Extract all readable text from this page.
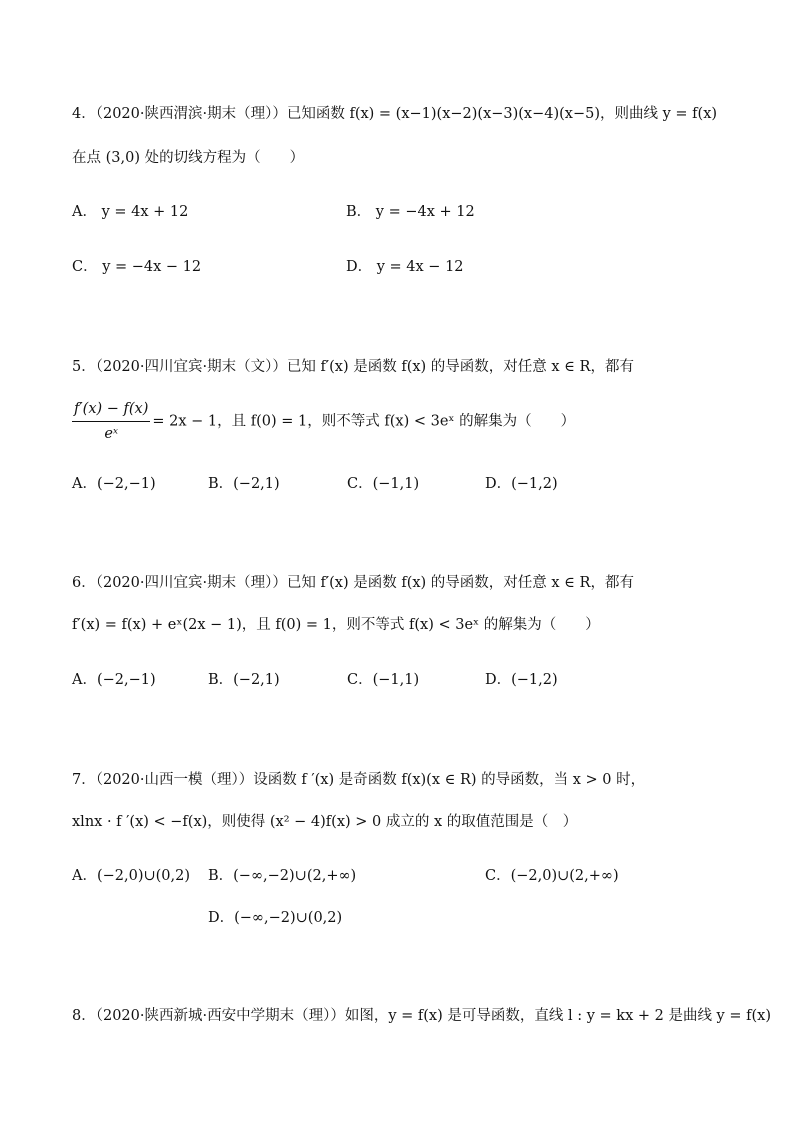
4．（2020·陕西渭滨·期末（理））已知函数 f(x) = (x−1)(x−2)(x−3)(x−4)(x−5)，则曲线 y = f(x)
在点 (3,0) 处的切线方程为（　　）
A． y = 4x + 12	B． y = −4x + 12
C． y = −4x − 12	D． y = 4x − 12
5．（2020·四川宜宾·期末（文））已知 f′(x) 是函数 f(x) 的导函数，对任意 x ∈ R，都有
$\frac{f'(x) - f(x)}{\text{eˣ}} = 2x - 1$，且 f(0) = 1，则不等式 f(x) < 3eˣ 的解集为（　　）
A．(−2,−1)	B．(−2,1)	C．(−1,1)	D．(−1,2)
6．（2020·四川宜宾·期末（理））已知 f′(x) 是函数 f(x) 的导函数，对任意 x ∈ R，都有
f′(x) = f(x) + eˣ(2x − 1)，且 f(0) = 1，则不等式 f(x) < 3eˣ 的解集为（　　）
A．(−2,−1)	B．(−2,1)	C．(−1,1)	D．(−1,2)
7．（2020·山西一模（理））设函数 f ′(x) 是奇函数 f(x)(x ∈ R) 的导函数，当 x > 0 时，
xlnx · f ′(x) < −f(x)，则使得 (x² − 4)f(x) > 0 成立的 x 的取值范围是（　）
A．(−2,0)∪(0,2) B．(−∞,−2)∪(2,+∞)	C．(−2,0)∪(2,+∞)
D．(−∞,−2)∪(0,2)
8．（2020·陕西新城·西安中学期末（理））如图，y = f(x) 是可导函数，直线 l : y = kx + 2 是曲线 y = f(x)
